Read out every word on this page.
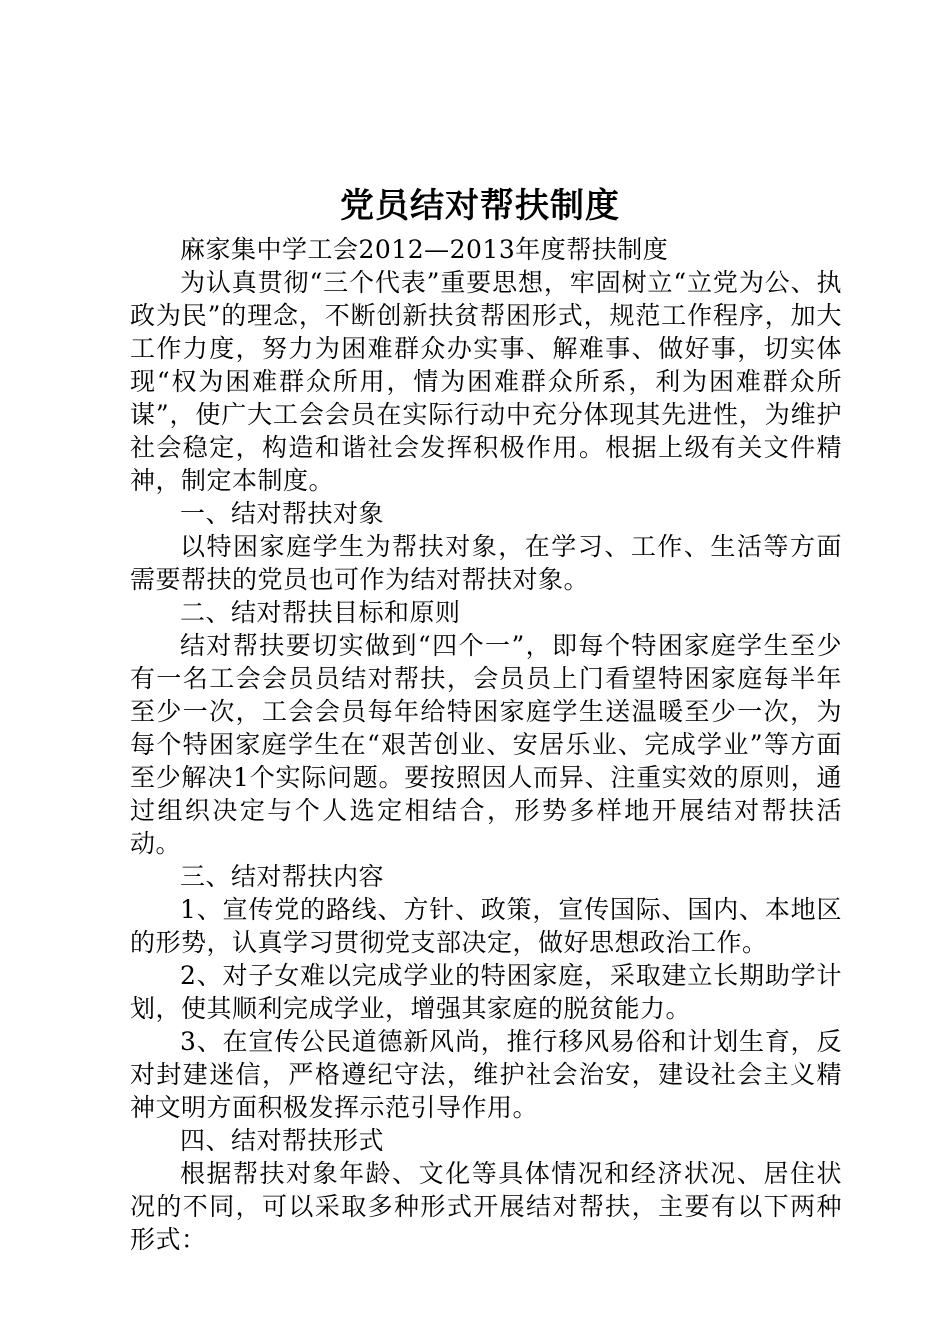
党员结对帮扶制度

麻家集中学工会2012—2013年度帮扶制度

为认真贯彻“三个代表”重要思想，牢固树立“立党为公、执政为民”的理念，不断创新扶贫帮困形式，规范工作程序，加大工作力度，努力为困难群众办实事、解难事、做好事，切实体现“权为困难群众所用，情为困难群众所系，利为困难群众所谋”，使广大工会会员在实际行动中充分体现其先进性，为维护社会稳定，构造和谐社会发挥积极作用。根据上级有关文件精神，制定本制度。

一、结对帮扶对象

以特困家庭学生为帮扶对象，在学习、工作、生活等方面需要帮扶的党员也可作为结对帮扶对象。

二、结对帮扶目标和原则

结对帮扶要切实做到“四个一”，即每个特困家庭学生至少有一名工会会员员结对帮扶，会员员上门看望特困家庭每半年至少一次，工会会员每年给特困家庭学生送温暖至少一次，为每个特困家庭学生在“艰苦创业、安居乐业、完成学业”等方面至少解决1个实际问题。要按照因人而异、注重实效的原则，通过组织决定与个人选定相结合，形势多样地开展结对帮扶活动。

三、结对帮扶内容

1、宣传党的路线、方针、政策，宣传国际、国内、本地区的形势，认真学习贯彻党支部决定，做好思想政治工作。

2、对子女难以完成学业的特困家庭，采取建立长期助学计划，使其顺利完成学业，增强其家庭的脱贫能力。

3、在宣传公民道德新风尚，推行移风易俗和计划生育，反对封建迷信，严格遵纪守法，维护社会治安，建设社会主义精神文明方面积极发挥示范引导作用。

四、结对帮扶形式

根据帮扶对象年龄、文化等具体情况和经济状况、居住状况的不同，可以采取多种形式开展结对帮扶，主要有以下两种形式：
